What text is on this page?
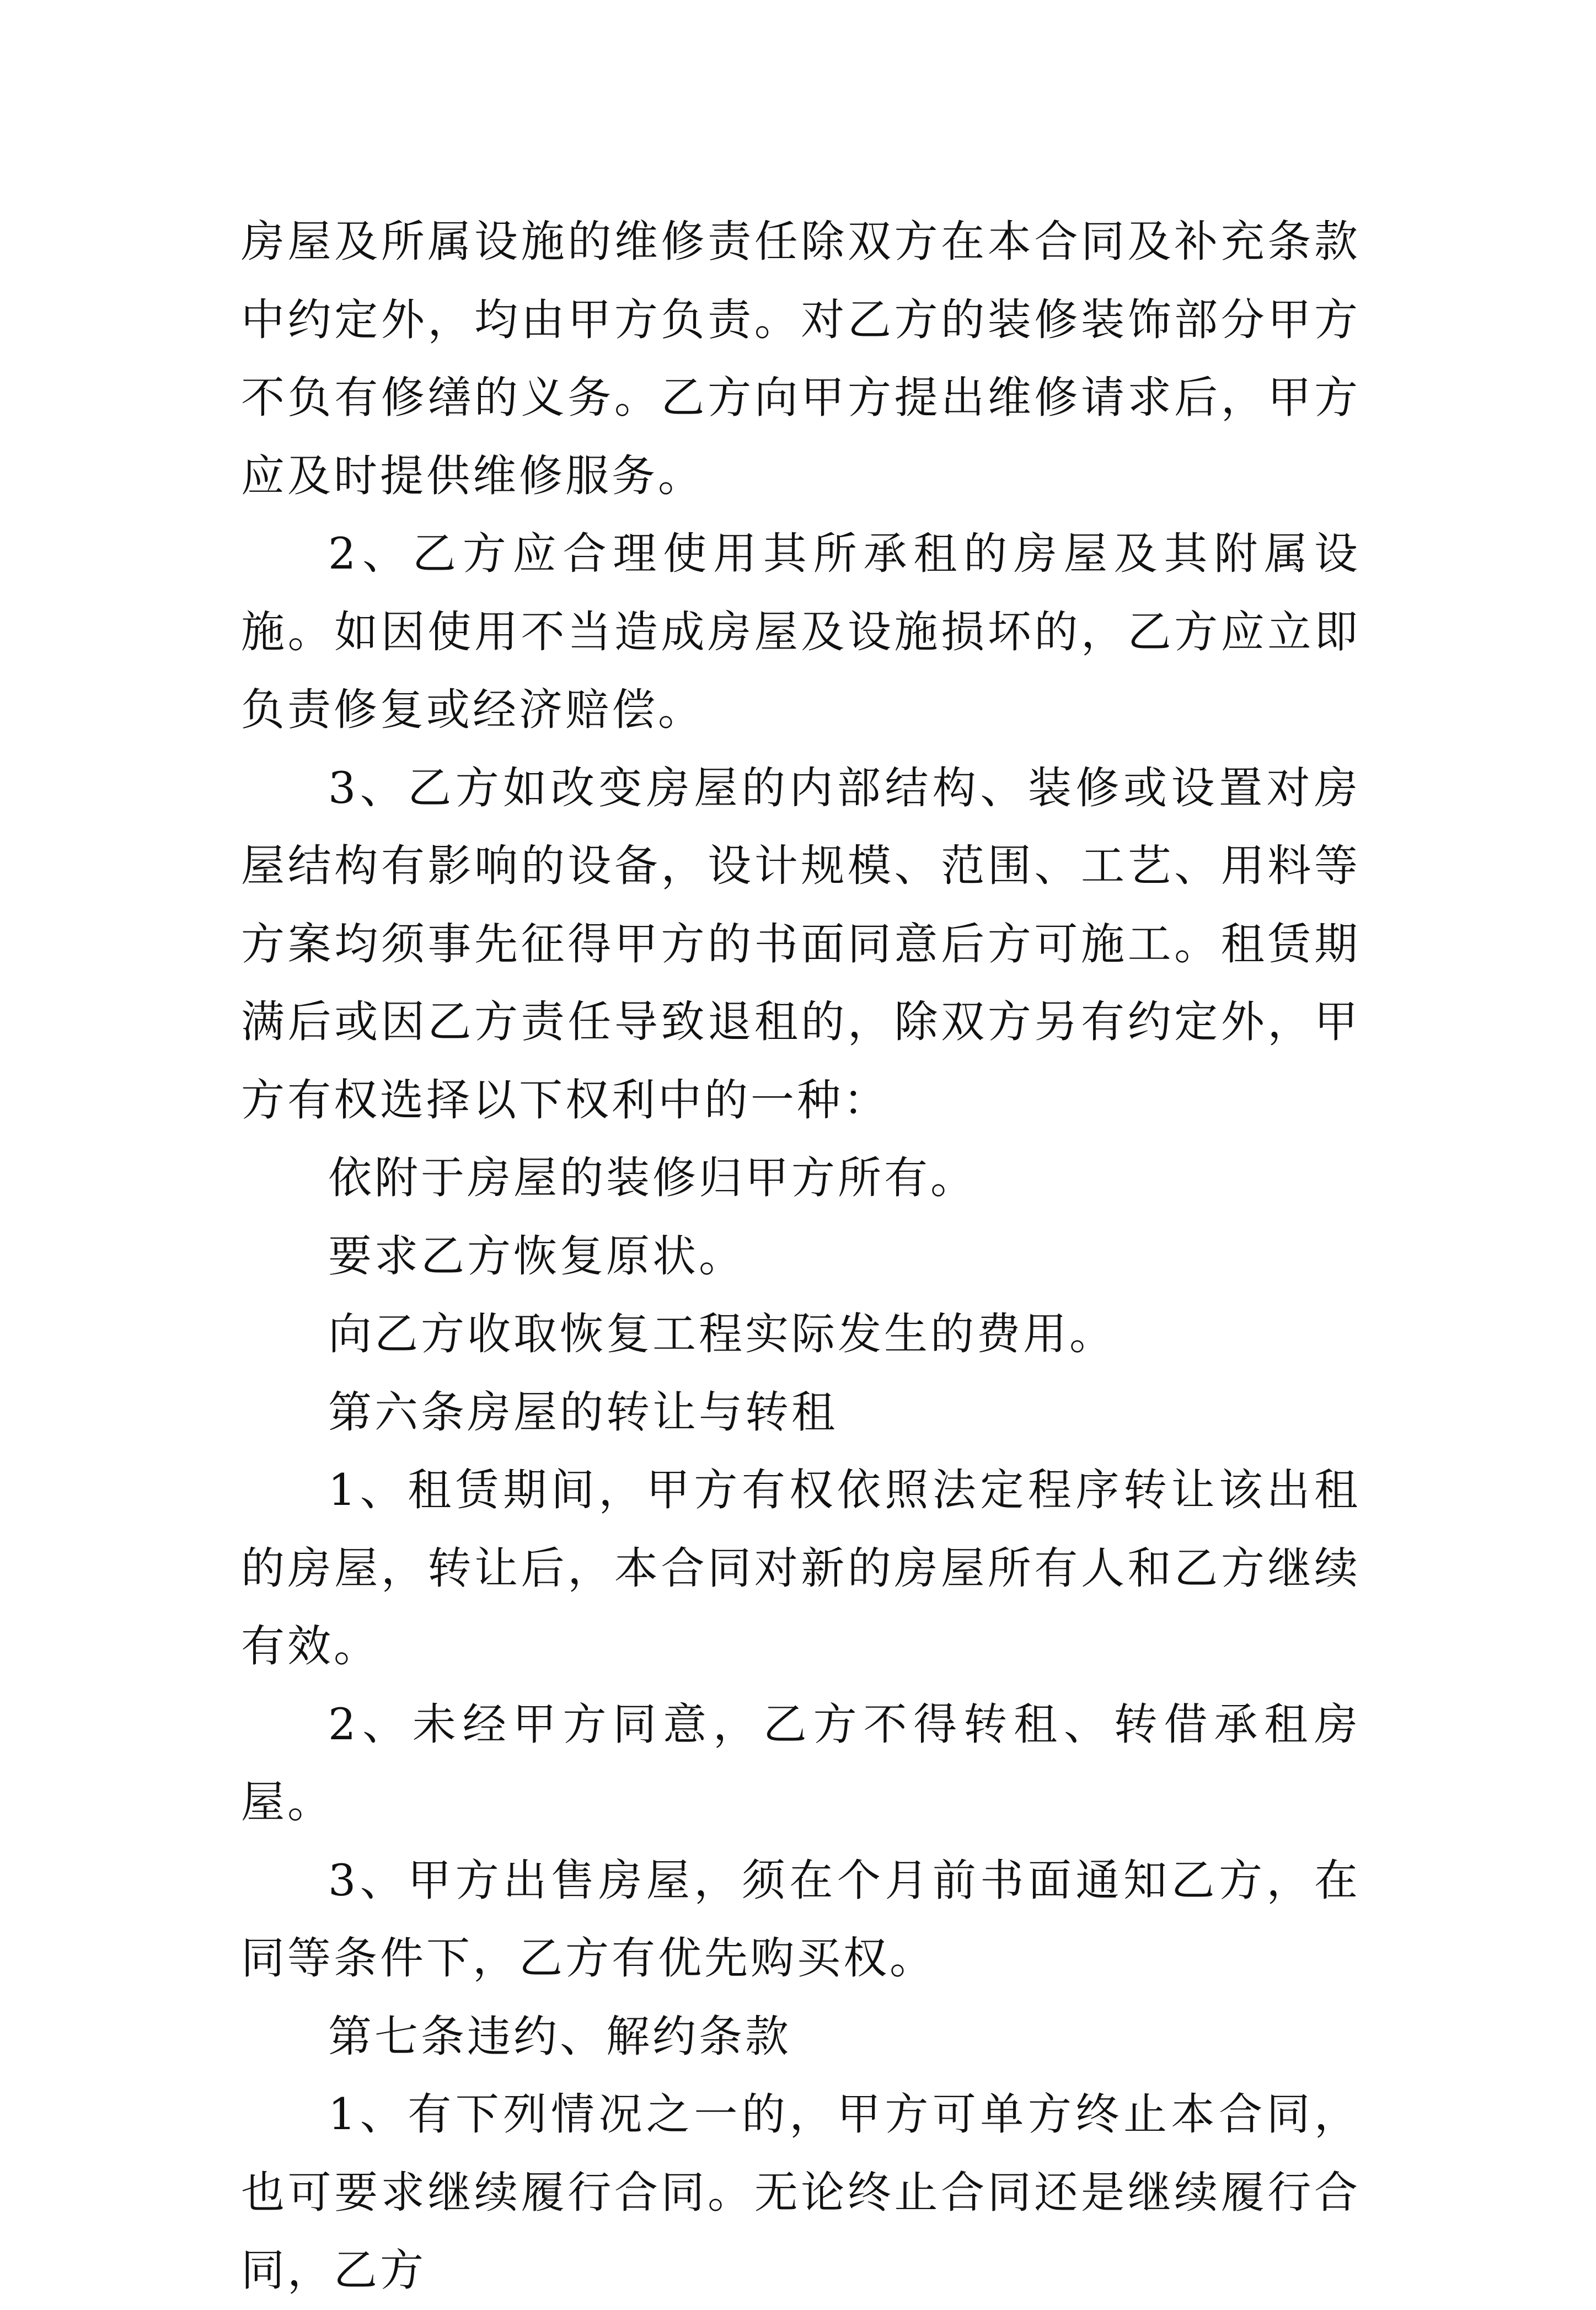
房屋及所属设施的维修责任除双方在本合同及补充条款中约定外，均由甲方负责。对乙方的装修装饰部分甲方不负有修缮的义务。乙方向甲方提出维修请求后，甲方应及时提供维修服务。

2、乙方应合理使用其所承租的房屋及其附属设施。如因使用不当造成房屋及设施损坏的，乙方应立即负责修复或经济赔偿。

3、乙方如改变房屋的内部结构、装修或设置对房屋结构有影响的设备，设计规模、范围、工艺、用料等方案均须事先征得甲方的书面同意后方可施工。租赁期满后或因乙方责任导致退租的，除双方另有约定外，甲方有权选择以下权利中的一种：

依附于房屋的装修归甲方所有。

要求乙方恢复原状。

向乙方收取恢复工程实际发生的费用。

第六条房屋的转让与转租

1、租赁期间，甲方有权依照法定程序转让该出租的房屋，转让后，本合同对新的房屋所有人和乙方继续有效。

2、未经甲方同意，乙方不得转租、转借承租房屋。

3、甲方出售房屋，须在个月前书面通知乙方，在同等条件下，乙方有优先购买权。

第七条违约、解约条款

1、有下列情况之一的，甲方可单方终止本合同，也可要求继续履行合同。无论终止合同还是继续履行合同，乙方
